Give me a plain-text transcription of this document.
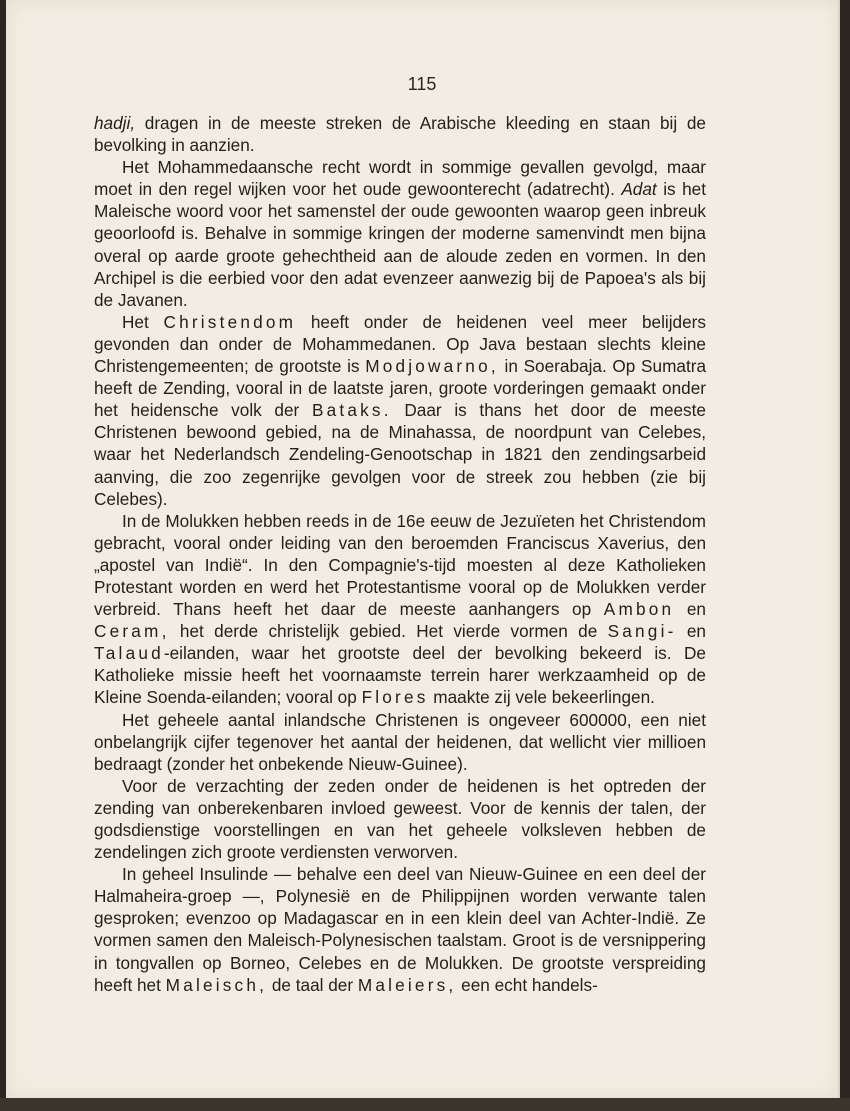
115

hadji, dragen in de meeste streken de Arabische kleeding en staan bij de bevolking in aanzien.

Het Mohammedaansche recht wordt in sommige gevallen gevolgd, maar moet in den regel wijken voor het oude gewoonterecht (adatrecht). Adat is het Maleische woord voor het samenstel der oude gewoonten waarop geen inbreuk geoorloofd is. Behalve in sommige kringen der moderne samenvindt men bijna overal op aarde groote gehechtheid aan de aloude zeden en vormen. In den Archipel is die eerbied voor den adat evenzeer aanwezig bij de Papoea's als bij de Javanen.

Het Christendom heeft onder de heidenen veel meer belijders gevonden dan onder de Mohammedanen. Op Java bestaan slechts kleine Christengemeenten; de grootste is Modjowarno, in Soerabaja. Op Sumatra heeft de Zending, vooral in de laatste jaren, groote vorderingen gemaakt onder het heidensche volk der Bataks. Daar is thans het door de meeste Christenen bewoond gebied, na de Minahassa, de noordpunt van Celebes, waar het Nederlandsch Zendeling-Genootschap in 1821 den zendingsarbeid aanving, die zoo zegenrijke gevolgen voor de streek zou hebben (zie bij Celebes).

In de Molukken hebben reeds in de 16e eeuw de Jezuïeten het Christendom gebracht, vooral onder leiding van den beroemden Franciscus Xaverius, den „apostel van Indië“. In den Compagnie's-tijd moesten al deze Katholieken Protestant worden en werd het Protestantisme vooral op de Molukken verder verbreid. Thans heeft het daar de meeste aanhangers op Ambon en Ceram, het derde christelijk gebied. Het vierde vormen de Sangi- en Talaud-eilanden, waar het grootste deel der bevolking bekeerd is. De Katholieke missie heeft het voornaamste terrein harer werkzaamheid op de Kleine Soenda-eilanden; vooral op Flores maakte zij vele bekeerlingen.

Het geheele aantal inlandsche Christenen is ongeveer 600000, een niet onbelangrijk cijfer tegenover het aantal der heidenen, dat wellicht vier millioen bedraagt (zonder het onbekende Nieuw-Guinee).

Voor de verzachting der zeden onder de heidenen is het optreden der zending van onberekenbaren invloed geweest. Voor de kennis der talen, der godsdienstige voorstellingen en van het geheele volksleven hebben de zendelingen zich groote verdiensten verworven.

In geheel Insulinde — behalve een deel van Nieuw-Guinee en een deel der Halmaheira-groep —, Polynesië en de Philippijnen worden verwante talen gesproken; evenzoo op Madagascar en in een klein deel van Achter-Indië. Ze vormen samen den Maleisch-Polynesischen taalstam. Groot is de versnippering in tongvallen op Borneo, Celebes en de Molukken. De grootste verspreiding heeft het Maleisch, de taal der Maleiers, een echt handels-
